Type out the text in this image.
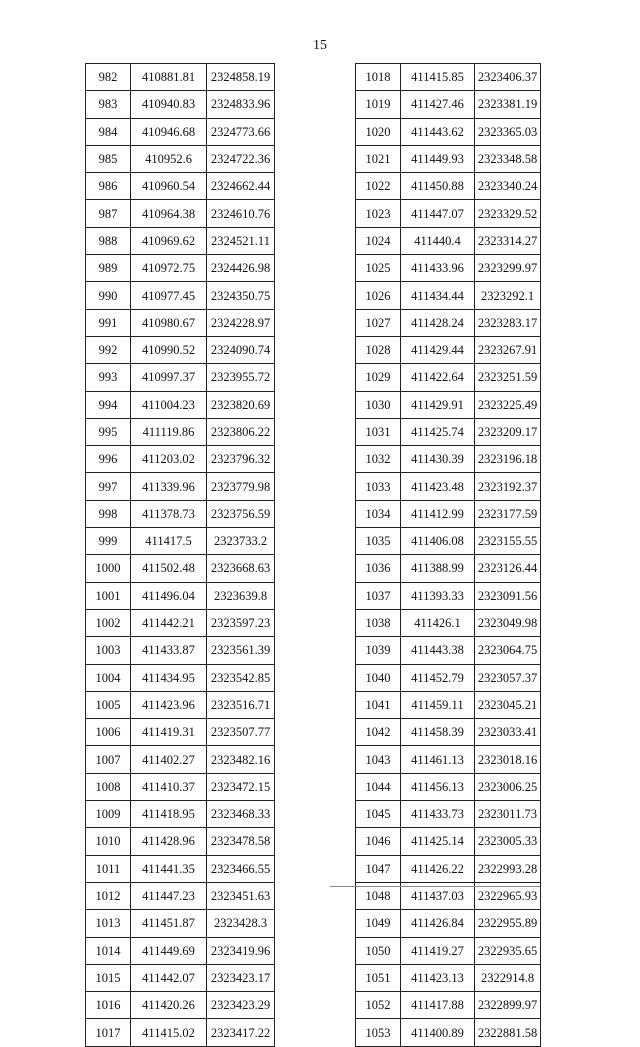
15
982	410881.81	2324858.19
983	410940.83	2324833.96
984	410946.68	2324773.66
985	410952.6	2324722.36
986	410960.54	2324662.44
987	410964.38	2324610.76
988	410969.62	2324521.11
989	410972.75	2324426.98
990	410977.45	2324350.75
991	410980.67	2324228.97
992	410990.52	2324090.74
993	410997.37	2323955.72
994	411004.23	2323820.69
995	411119.86	2323806.22
996	411203.02	2323796.32
997	411339.96	2323779.98
998	411378.73	2323756.59
999	411417.5	2323733.2
1000	411502.48	2323668.63
1001	411496.04	2323639.8
1002	411442.21	2323597.23
1003	411433.87	2323561.39
1004	411434.95	2323542.85
1005	411423.96	2323516.71
1006	411419.31	2323507.77
1007	411402.27	2323482.16
1008	411410.37	2323472.15
1009	411418.95	2323468.33
1010	411428.96	2323478.58
1011	411441.35	2323466.55
1012	411447.23	2323451.63
1013	411451.87	2323428.3
1014	411449.69	2323419.96
1015	411442.07	2323423.17
1016	411420.26	2323423.29
1017	411415.02	2323417.22
1018	411415.85	2323406.37
1019	411427.46	2323381.19
1020	411443.62	2323365.03
1021	411449.93	2323348.58
1022	411450.88	2323340.24
1023	411447.07	2323329.52
1024	411440.4	2323314.27
1025	411433.96	2323299.97
1026	411434.44	2323292.1
1027	411428.24	2323283.17
1028	411429.44	2323267.91
1029	411422.64	2323251.59
1030	411429.91	2323225.49
1031	411425.74	2323209.17
1032	411430.39	2323196.18
1033	411423.48	2323192.37
1034	411412.99	2323177.59
1035	411406.08	2323155.55
1036	411388.99	2323126.44
1037	411393.33	2323091.56
1038	411426.1	2323049.98
1039	411443.38	2323064.75
1040	411452.79	2323057.37
1041	411459.11	2323045.21
1042	411458.39	2323033.41
1043	411461.13	2323018.16
1044	411456.13	2323006.25
1045	411433.73	2323011.73
1046	411425.14	2323005.33
1047	411426.22	2322993.28
1048	411437.03	2322965.93
1049	411426.84	2322955.89
1050	411419.27	2322935.65
1051	411423.13	2322914.8
1052	411417.88	2322899.97
1053	411400.89	2322881.58
